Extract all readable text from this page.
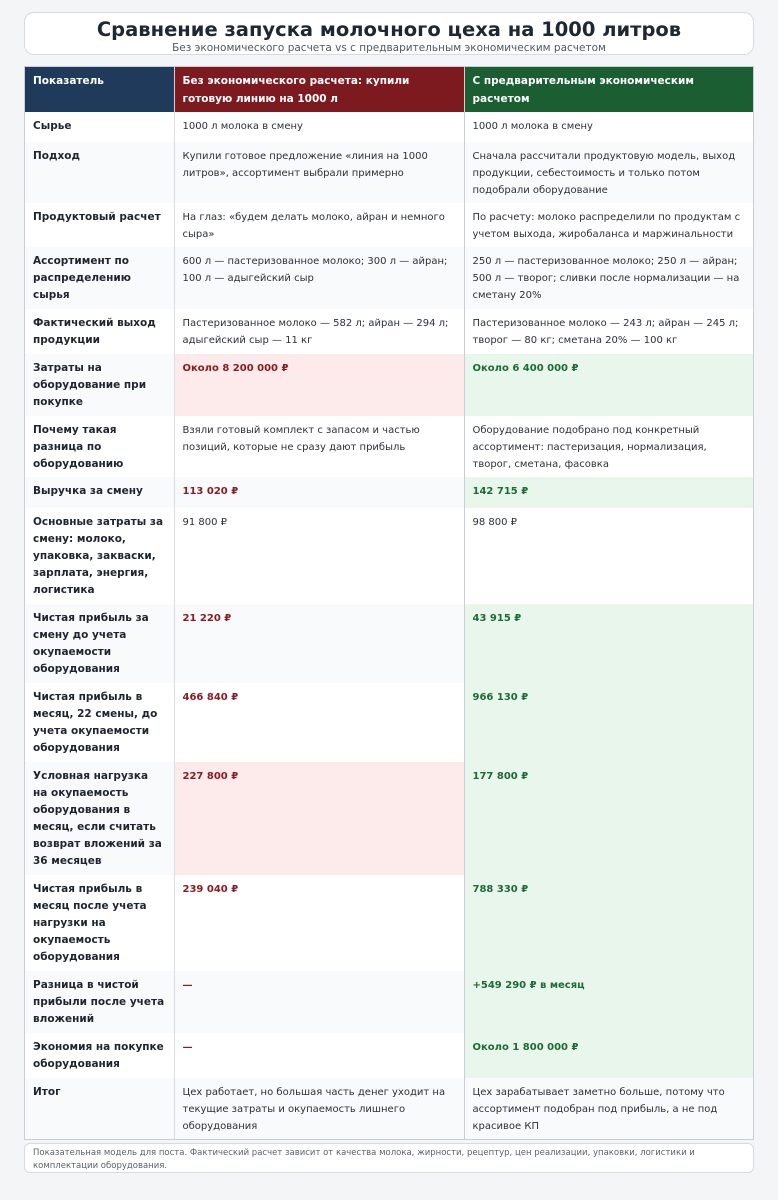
Сравнение запуска молочного цеха на 1000 литров
Без экономического расчета vs с предварительным экономическим расчетом
Показатель	Без экономического расчета: купили готовую линию на 1000 л	С предварительным экономическим расчетом
Сырье	1000 л молока в смену	1000 л молока в смену
Подход	Купили готовое предложение «линия на 1000 литров», ассортимент выбрали примерно	Сначала рассчитали продуктовую модель, выход продукции, себестоимость и только потом подобрали оборудование
Продуктовый расчет	На глаз: «будем делать молоко, айран и немного сыра»	По расчету: молоко распределили по продуктам с учетом выхода, жиробаланса и маржинальности
Ассортимент по распределению сырья	600 л — пастеризованное молоко; 300 л — айран; 100 л — адыгейский сыр	250 л — пастеризованное молоко; 250 л — айран; 500 л — творог; сливки после нормализации — на сметану 20%
Фактический выход продукции	Пастеризованное молоко — 582 л; айран — 294 л; адыгейский сыр — 11 кг	Пастеризованное молоко — 243 л; айран — 245 л; творог — 80 кг; сметана 20% — 100 кг
Затраты на оборудование при покупке	Около 8 200 000 ₽	Около 6 400 000 ₽
Почему такая разница по оборудованию	Взяли готовый комплект с запасом и частью позиций, которые не сразу дают прибыль	Оборудование подобрано под конкретный ассортимент: пастеризация, нормализация, творог, сметана, фасовка
Выручка за смену	113 020 ₽	142 715 ₽
Основные затраты за смену: молоко, упаковка, закваски, зарплата, энергия, логистика	91 800 ₽	98 800 ₽
Чистая прибыль за смену до учета окупаемости оборудования	21 220 ₽	43 915 ₽
Чистая прибыль в месяц, 22 смены, до учета окупаемости оборудования	466 840 ₽	966 130 ₽
Условная нагрузка на окупаемость оборудования в месяц, если считать возврат вложений за 36 месяцев	227 800 ₽	177 800 ₽
Чистая прибыль в месяц после учета нагрузки на окупаемость оборудования	239 040 ₽	788 330 ₽
Разница в чистой прибыли после учета вложений	—	+549 290 ₽ в месяц
Экономия на покупке оборудования	—	Около 1 800 000 ₽
Итог	Цех работает, но большая часть денег уходит на текущие затраты и окупаемость лишнего оборудования	Цех зарабатывает заметно больше, потому что ассортимент подобран под прибыль, а не под красивое КП
Показательная модель для поста. Фактический расчет зависит от качества молока, жирности, рецептур, цен реализации, упаковки, логистики и комплектации оборудования.
